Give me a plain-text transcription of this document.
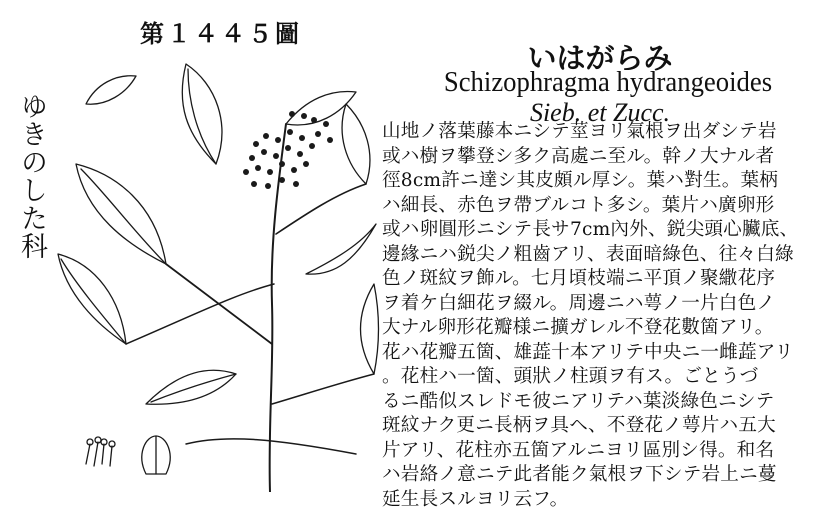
第１４４５圖
ゆきのした科
いはがらみ
Schizophragma hydrangeoides
Sieb. et Zucc.
山地ノ落葉藤本ニシテ莖ヨリ氣根ヲ出ダシテ岩
或ハ樹ヲ攀登シ多ク高處ニ至ル。幹ノ大ナル者
徑8cm許ニ達シ其皮頗ル厚シ。葉ハ對生。葉柄
ハ細長、赤色ヲ帶ブルコト多シ。葉片ハ廣卵形
或ハ卵圓形ニシテ長サ7cm內外、鋭尖頭心臟底、
邊緣ニハ鋭尖ノ粗齒アリ、表面暗綠色、往々白綠
色ノ斑紋ヲ飾ル。七月頃枝端ニ平頂ノ聚繖花序
ヲ着ケ白細花ヲ綴ル。周邊ニハ萼ノ一片白色ノ
大ナル卵形花瓣様ニ擴ガレル不登花數箇アリ。
花ハ花瓣五箇、雄蕋十本アリテ中央ニ一雌蕋アリ
。花柱ハ一箇、頭狀ノ柱頭ヲ有ス。ごとうづ
るニ酷似スレドモ彼ニアリテハ葉淡綠色ニシテ
斑紋ナク更ニ長柄ヲ具ヘ、不登花ノ萼片ハ五大
片アリ、花柱亦五箇アルニヨリ區別シ得。和名
ハ岩絡ノ意ニテ此者能ク氣根ヲ下シテ岩上ニ蔓
延生長スルヨリ云フ。
